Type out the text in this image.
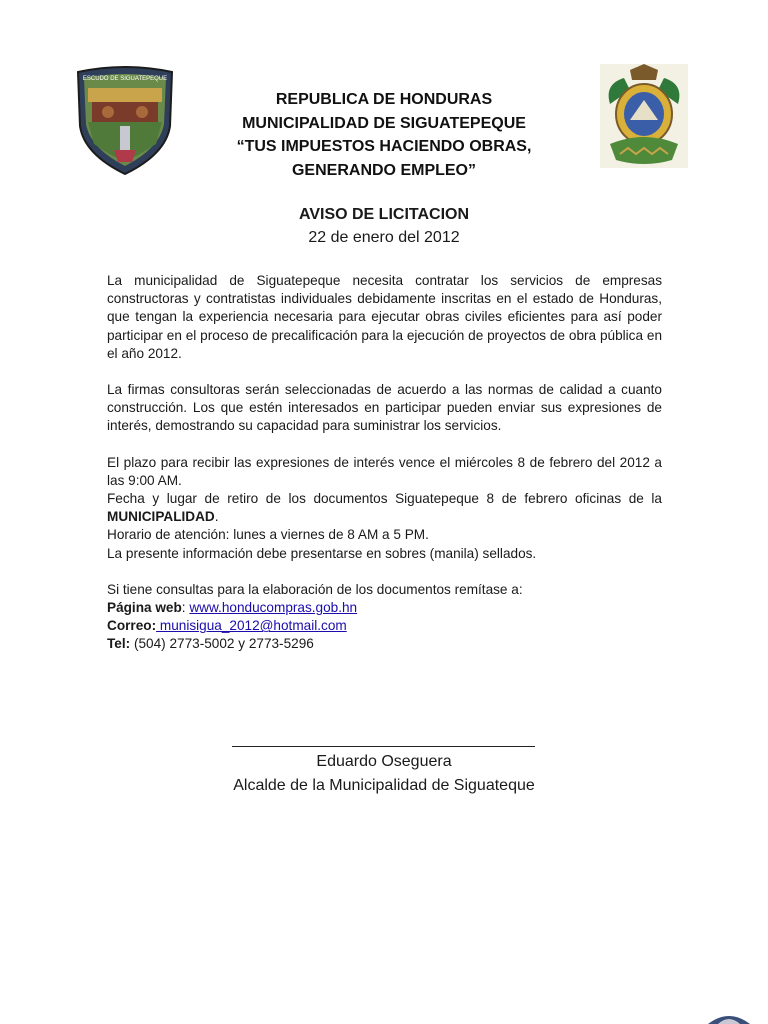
ESCUDO DE SIGUATEPEQUE
REPUBLICA DE HONDURAS
MUNICIPALIDAD DE SIGUATEPEQUE
“TUS IMPUESTOS HACIENDO OBRAS,
GENERANDO EMPLEO”
AVISO DE LICITACION
22 de enero del 2012

La municipalidad de Siguatepeque necesita contratar los servicios de empresas constructoras y contratistas individuales debidamente inscritas en el estado de Honduras, que tengan la experiencia necesaria para ejecutar obras civiles eficientes para así poder participar en el proceso de precalificación para la ejecución de proyectos de obra pública en el año 2012.

La firmas consultoras serán seleccionadas de acuerdo a las normas de calidad a cuanto construcción. Los que estén interesados en participar pueden enviar sus expresiones de interés, demostrando su capacidad para suministrar los servicios.

El plazo para recibir las expresiones de interés vence el miércoles 8 de febrero del 2012 a las 9:00 AM.

Fecha y lugar de retiro de los documentos Siguatepeque 8 de febrero oficinas de la MUNICIPALIDAD.

Horario de atención: lunes a viernes de 8 AM a 5 PM.

La presente información debe presentarse en sobres (manila) sellados.

Si tiene consultas para la elaboración de los documentos remítase a:

Página web: www.honducompras.gob.hn

Correo: munisigua_2012@hotmail.com

Tel: (504) 2773-5002 y 2773-5296

Eduardo Oseguera
Alcalde de la Municipalidad de Siguateque
